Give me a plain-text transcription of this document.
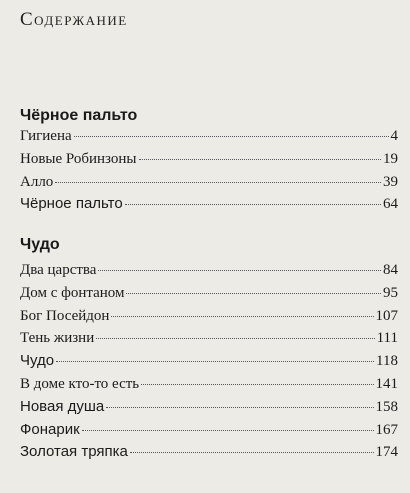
Содержание
Чёрное пальто
Гигиена	4
Новые Робинзоны	19
Алло	39
Чёрное пальто	64
Чудо
Два царства	84
Дом с фонтаном	95
Бог Посейдон	107
Тень жизни	111
Чудо	118
В доме кто-то есть	141
Новая душа	158
Фонарик	167
Золотая тряпка	174
